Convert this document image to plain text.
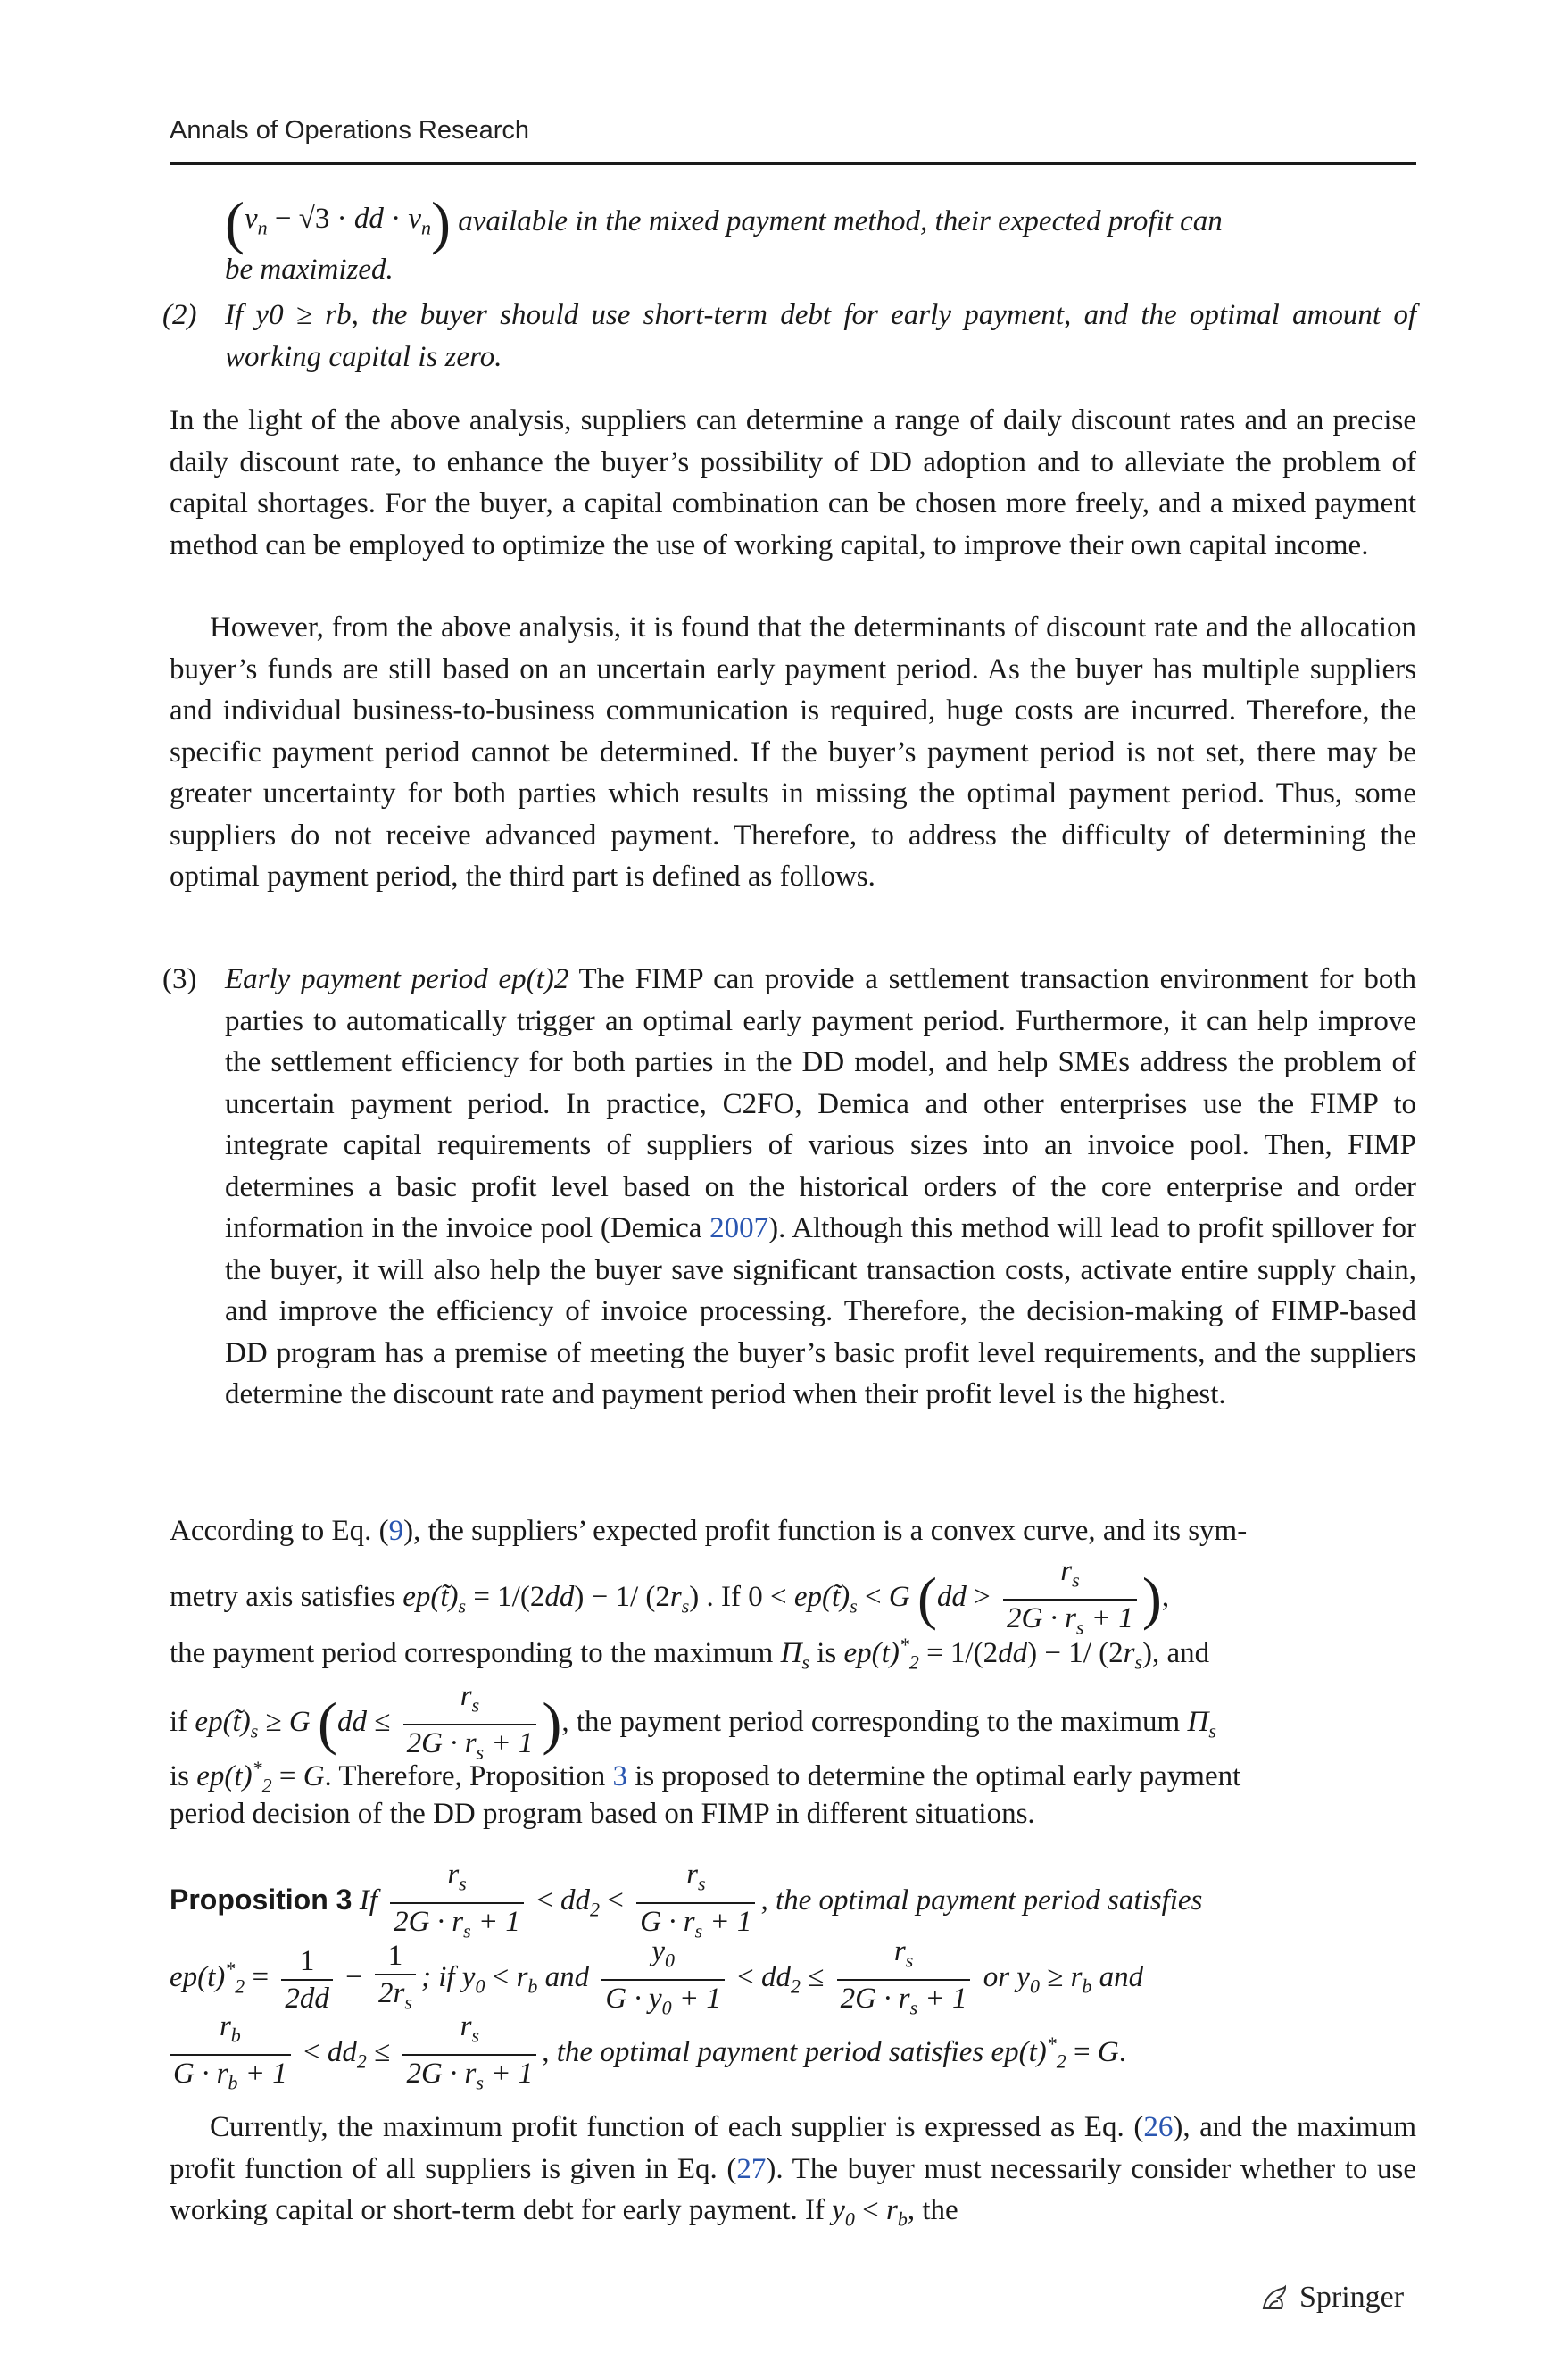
Annals of Operations Research
($v_n - √3$ · dd · $v_n$) available in the mixed payment method, their expected profit can
be maximized.
(2) If y0 ≥ rb, the buyer should use short-term debt for early payment, and the optimal amount of working capital is zero.
In the light of the above analysis, suppliers can determine a range of daily discount rates and an precise daily discount rate, to enhance the buyer’s possibility of DD adoption and to alleviate the problem of capital shortages. For the buyer, a capital combination can be chosen more freely, and a mixed payment method can be employed to optimize the use of working capital, to improve their own capital income.
However, from the above analysis, it is found that the determinants of discount rate and the allocation buyer’s funds are still based on an uncertain early payment period. As the buyer has multiple suppliers and individual business-to-business communication is required, huge costs are incurred. Therefore, the specific payment period cannot be determined. If the buyer’s payment period is not set, there may be greater uncertainty for both parties which results in missing the optimal payment period. Thus, some suppliers do not receive advanced payment. Therefore, to address the difficulty of determining the optimal payment period, the third part is defined as follows.
(3) Early payment period ep(t)2 The FIMP can provide a settlement transaction environment for both parties to automatically trigger an optimal early payment period. Furthermore, it can help improve the settlement efficiency for both parties in the DD model, and help SMEs address the problem of uncertain payment period. In practice, C2FO, Demica and other enterprises use the FIMP to integrate capital requirements of suppliers of various sizes into an invoice pool. Then, FIMP determines a basic profit level based on the historical orders of the core enterprise and order information in the invoice pool (Demica 2007). Although this method will lead to profit spillover for the buyer, it will also help the buyer save significant transaction costs, activate entire supply chain, and improve the efficiency of invoice processing. Therefore, the decision-making of FIMP-based DD program has a premise of meeting the buyer’s basic profit level requirements, and the suppliers determine the discount rate and payment period when their profit level is the highest.
According to Eq. (9), the suppliers’ expected profit function is a convex curve, and its sym-
metry axis satisfies $ep(t̃)_s = 1/(2dd) - 1/$ $(2r_s)$ . If $0 < ep(t̃)_s < G$ ($dd > \frac{r_s}{2G \cdot r_s + 1}$ ),
the payment period corresponding to the maximum $\Pi_s$ is $ep(t)^*_2 = 1/(2dd) - 1/$ $(2r_s)$, and
if $ep(t̃)_s \ge G$ ($dd \le \frac{r_s}{2G \cdot r_s + 1}$ ), the payment period corresponding to the maximum $\Pi_s$
is $ep(t)^*_2 = G$. Therefore, Proposition 3 is proposed to determine the optimal early payment
period decision of the DD program based on FIMP in different situations.
Proposition 3 If $\frac{r_s}{2G \cdot r_s + 1} < dd_2 < \frac{r_s}{G \cdot r_s + 1}$ , the optimal payment period satisfies
$ep(t)^*_2 = \frac{1}{2dd} - \frac{1}{2r_s}$ ; if $y_0 < r_b$ and $\frac{y_0}{G \cdot y_0 + 1} < dd_2 \le \frac{r_s}{2G \cdot r_s + 1}$ or $y_0 \ge r_b$ and
$\frac{r_b}{G \cdot r_b + 1} < dd_2 \le \frac{r_s}{2G \cdot r_s + 1}$ , the optimal payment period satisfies $ep(t)^*_2 = G$.
Currently, the maximum profit function of each supplier is expressed as Eq. (26), and the maximum profit function of all suppliers is given in Eq. (27). The buyer must necessarily consider whether to use working capital or short-term debt for early payment. If $y_0 < r_b$, the
Springer
